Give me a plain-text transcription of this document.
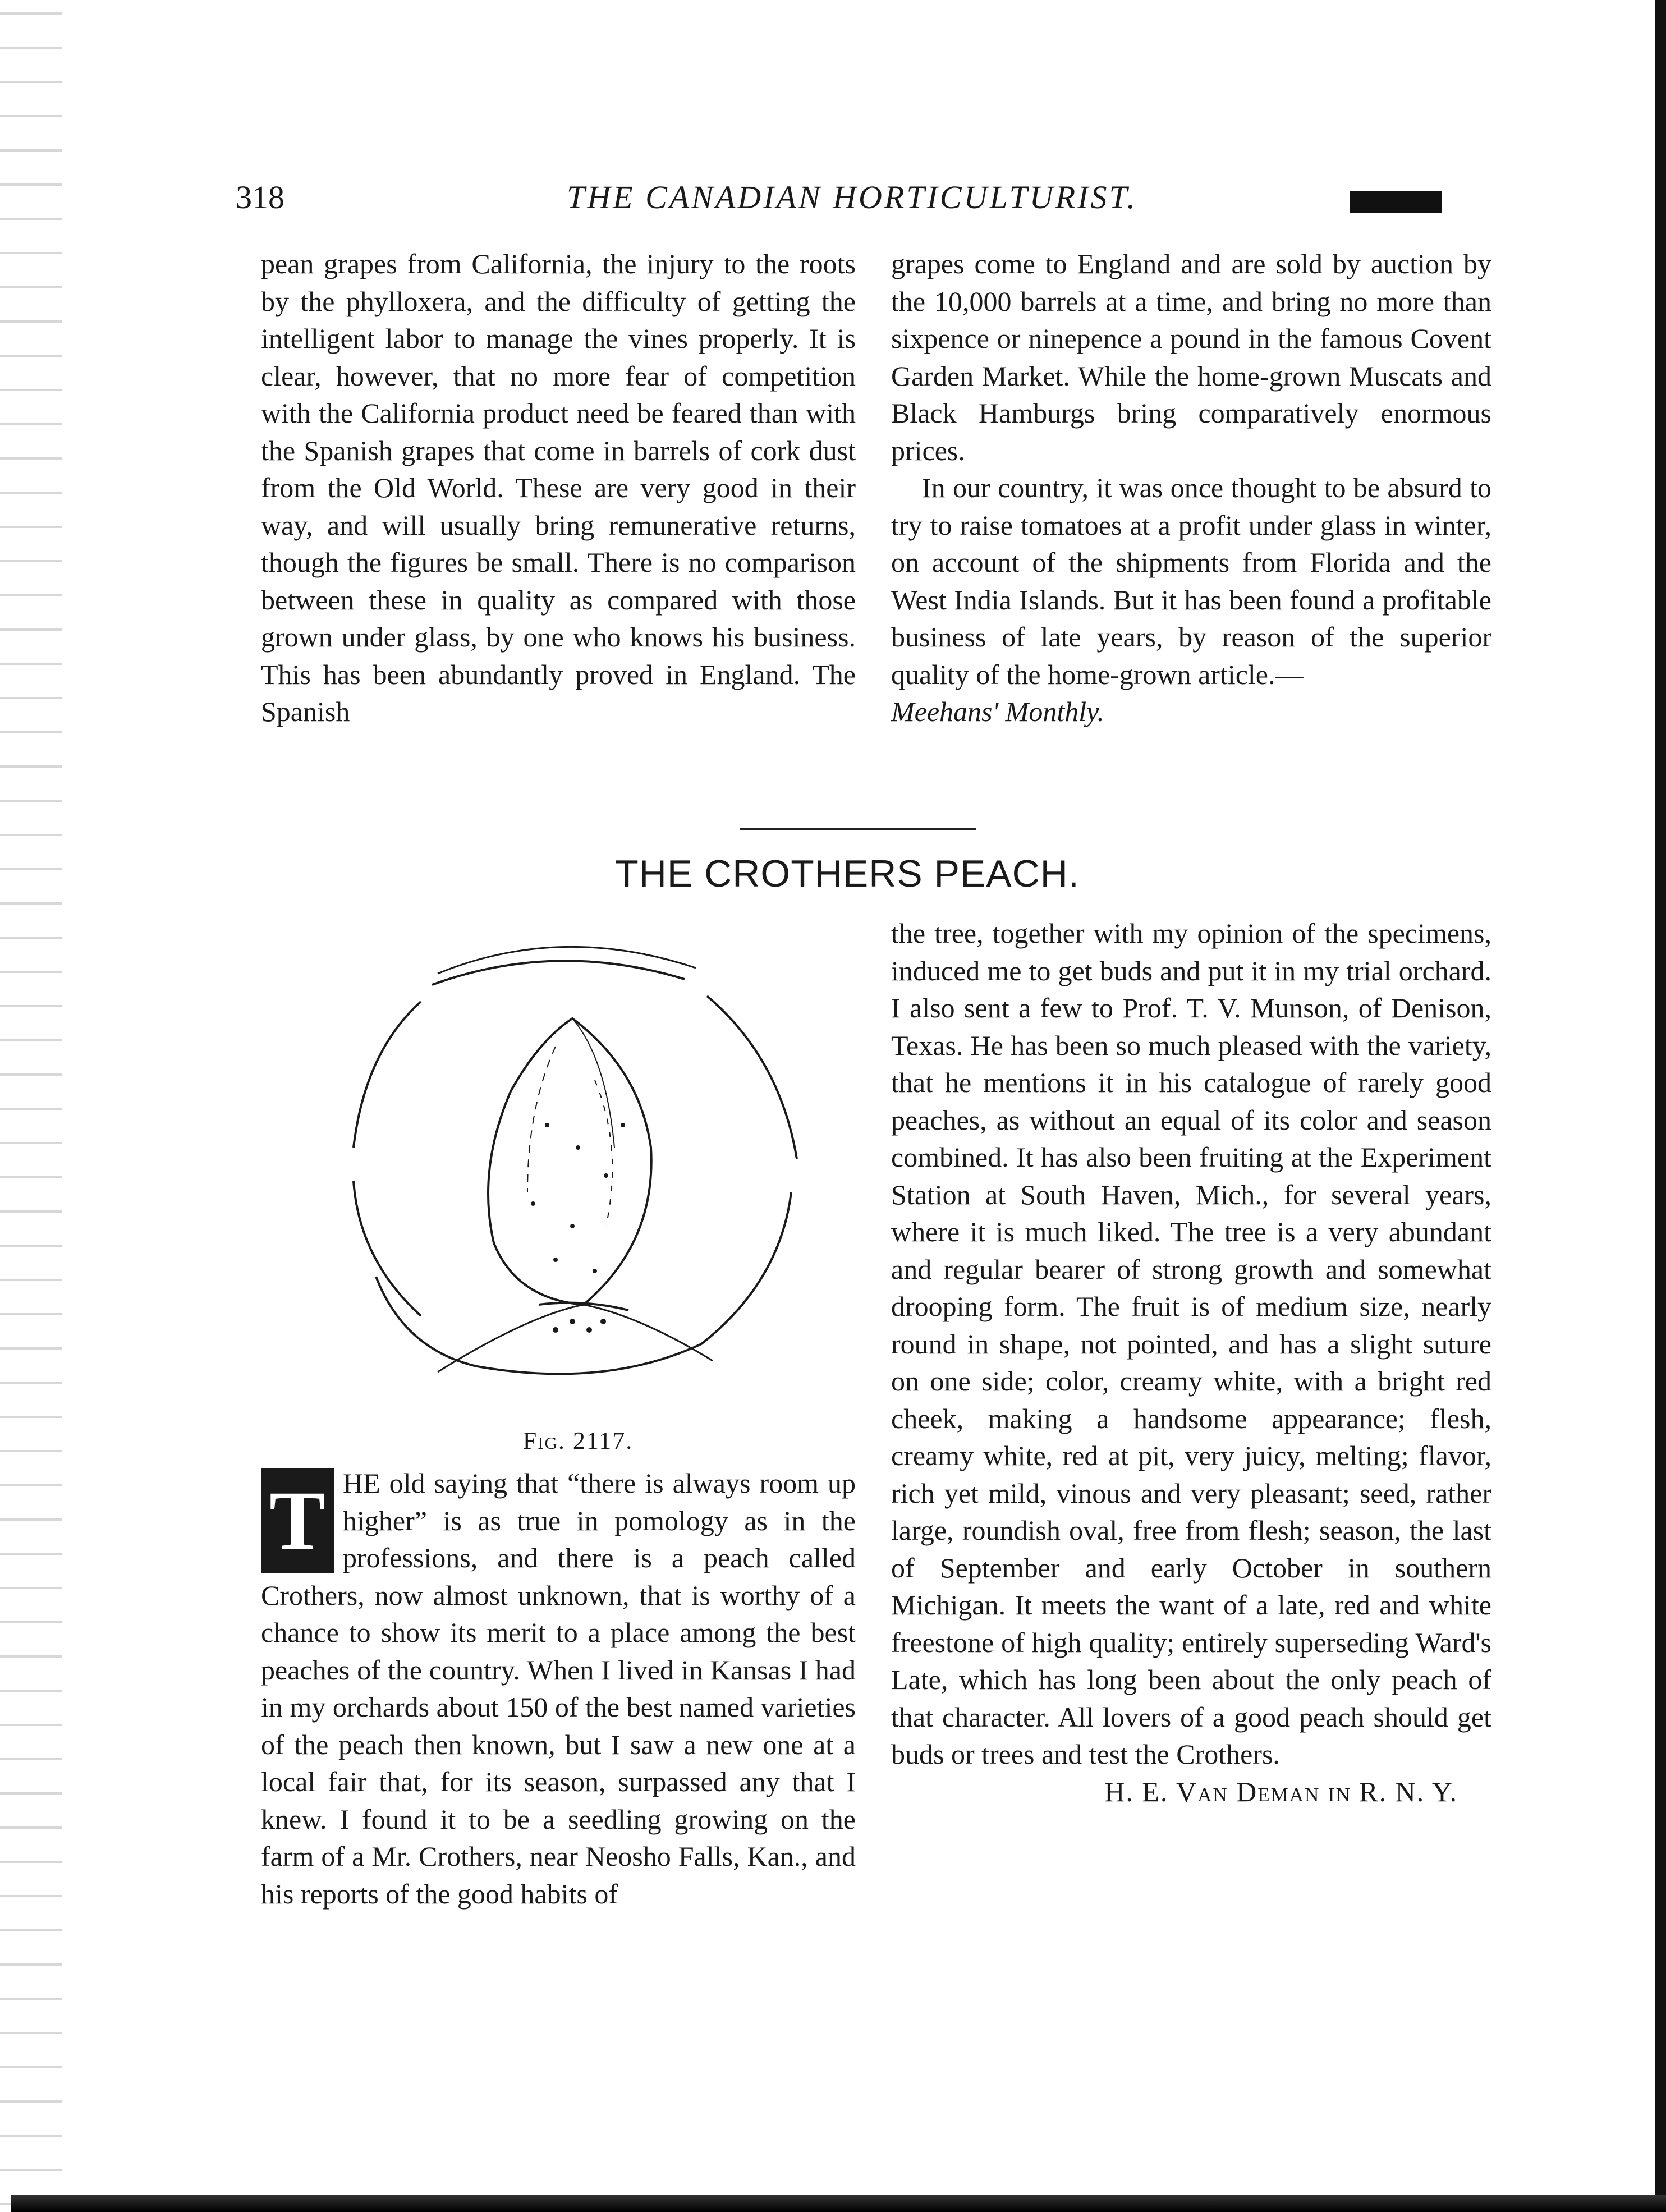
318	THE CANADIAN HORTICULTURIST.

pean grapes from California, the injury to the roots by the phylloxera, and the difficulty of getting the intelligent labor to manage the vines properly. It is clear, however, that no more fear of competition with the California product need be feared than with the Spanish grapes that come in barrels of cork dust from the Old World. These are very good in their way, and will usually bring remunerative returns, though the figures be small. There is no comparison between these in quality as compared with those grown under glass, by one who knows his business. This has been abundantly proved in England. The Spanish

grapes come to England and are sold by auction by the 10,000 barrels at a time, and bring no more than sixpence or ninepence a pound in the famous Covent Garden Market. While the home-grown Muscats and Black Hamburgs bring comparatively enormous prices.

In our country, it was once thought to be absurd to try to raise tomatoes at a profit under glass in winter, on account of the shipments from Florida and the West India Islands. But it has been found a profitable business of late years, by reason of the superior quality of the home-grown article.—
Meehans' Monthly.

THE CROTHERS PEACH.
Fig. 2117.

T HE old saying that “there is always room up higher” is as true in pomology as in the professions, and there is a peach called Crothers, now almost unknown, that is worthy of a chance to show its merit to a place among the best peaches of the country. When I lived in Kansas I had in my orchards about 150 of the best named varieties of the peach then known, but I saw a new one at a local fair that, for its season, surpassed any that I knew. I found it to be a seedling growing on the farm of a Mr. Crothers, near Neosho Falls, Kan., and his reports of the good habits of

the tree, together with my opinion of the specimens, induced me to get buds and put it in my trial orchard. I also sent a few to Prof. T. V. Munson, of Denison, Texas. He has been so much pleased with the variety, that he mentions it in his catalogue of rarely good peaches, as without an equal of its color and season combined. It has also been fruiting at the Experiment Station at South Haven, Mich., for several years, where it is much liked. The tree is a very abundant and regular bearer of strong growth and somewhat drooping form. The fruit is of medium size, nearly round in shape, not pointed, and has a slight suture on one side; color, creamy white, with a bright red cheek, making a handsome appearance; flesh, creamy white, red at pit, very juicy, melting; flavor, rich yet mild, vinous and very pleasant; seed, rather large, roundish oval, free from flesh; season, the last of September and early October in southern Michigan. It meets the want of a late, red and white freestone of high quality; entirely superseding Ward's Late, which has long been about the only peach of that character. All lovers of a good peach should get buds or trees and test the Crothers.

H. E. Van Deman in R. N. Y.
